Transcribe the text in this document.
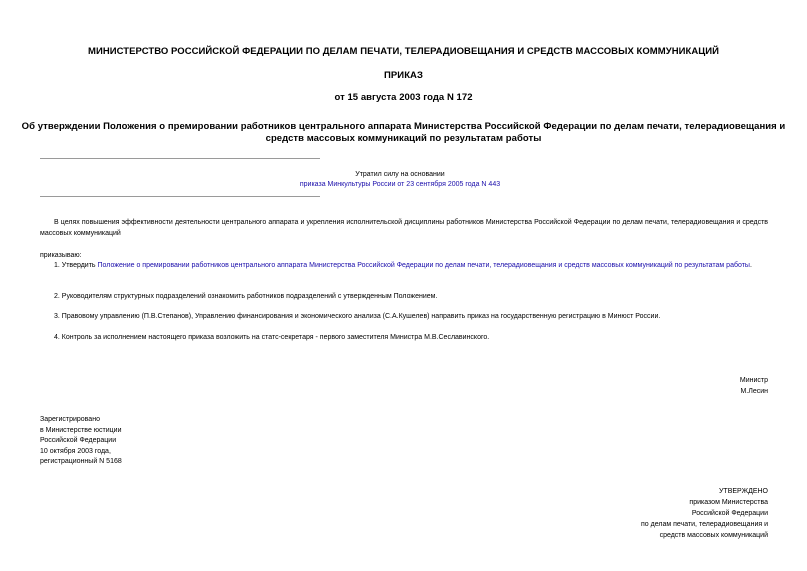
МИНИСТЕРСТВО РОССИЙСКОЙ ФЕДЕРАЦИИ ПО ДЕЛАМ ПЕЧАТИ, ТЕЛЕРАДИОВЕЩАНИЯ И СРЕДСТВ МАССОВЫХ КОММУНИКАЦИЙ
ПРИКАЗ
от 15 августа 2003 года N 172
Об утверждении Положения о премировании работников центрального аппарата Министерства Российской Федерации по делам печати, телерадиовещания и
средств массовых коммуникаций по результатам работы
Утратил силу на основании
приказа Минкультуры России от 23 сентября 2005 года N 443
В целях повышения эффективности деятельности центрального аппарата и укрепления исполнительской дисциплины работников Министерства Российской Федерации по делам печати, телерадиовещания и средств массовых коммуникаций
приказываю:
1. Утвердить Положение о премировании работников центрального аппарата Министерства Российской Федерации по делам печати, телерадиовещания и средств массовых коммуникаций по результатам работы.
2. Руководителям структурных подразделений ознакомить работников подразделений с утвержденным Положением.
3. Правовому управлению (П.В.Степанов), Управлению финансирования и экономического анализа (С.А.Кушелев) направить приказ на государственную регистрацию в Минюст России.
4. Контроль за исполнением настоящего приказа возложить на статс-секретаря - первого заместителя Министра М.В.Сеславинского.
Министр
М.Лесин
Зарегистрировано
в Министерстве юстиции
Российской Федерации
10 октября 2003 года,
регистрационный N 5168
УТВЕРЖДЕНО
приказом Министерства
Российской Федерации
по делам печати, телерадиовещания и
средств массовых коммуникаций
